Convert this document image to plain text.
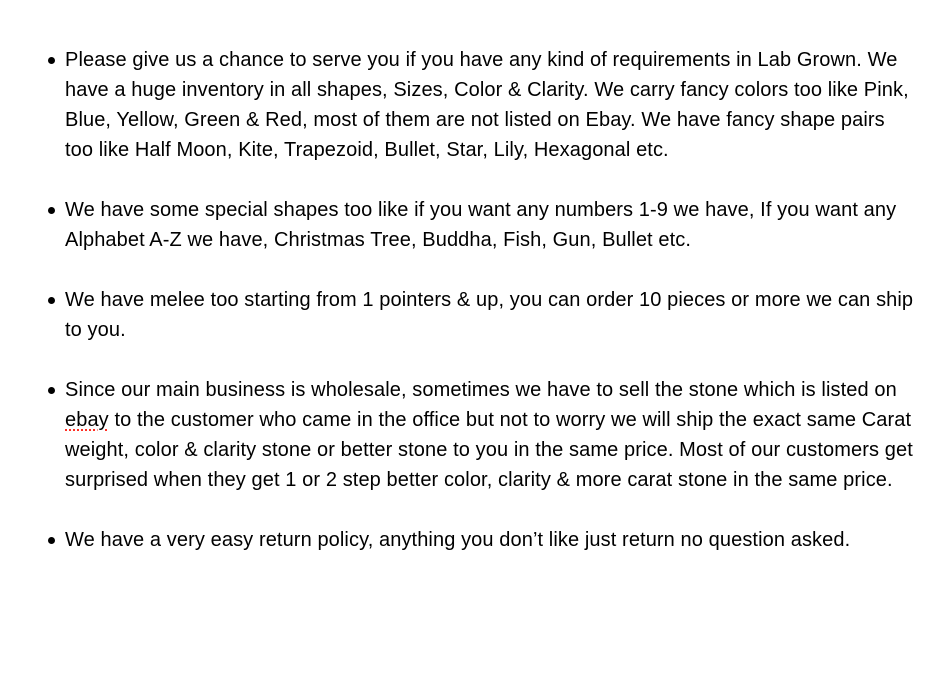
Please give us a chance to serve you if you have any kind of requirements in Lab Grown. We have a huge inventory in all shapes, Sizes, Color & Clarity. We carry fancy colors too like Pink, Blue, Yellow, Green & Red, most of them are not listed on Ebay. We have fancy shape pairs too like Half Moon, Kite, Trapezoid, Bullet, Star, Lily, Hexagonal etc.
We have some special shapes too like if you want any numbers 1-9 we have, If you want any Alphabet A-Z we have, Christmas Tree, Buddha, Fish, Gun, Bullet etc.
We have melee too starting from 1 pointers & up, you can order 10 pieces or more we can ship to you.
Since our main business is wholesale, sometimes we have to sell the stone which is listed on ebay to the customer who came in the office but not to worry we will ship the exact same Carat weight, color & clarity stone or better stone to you in the same price. Most of our customers get surprised when they get 1 or 2 step better color, clarity & more carat stone in the same price.
We have a very easy return policy, anything you don’t like just return no question asked.
